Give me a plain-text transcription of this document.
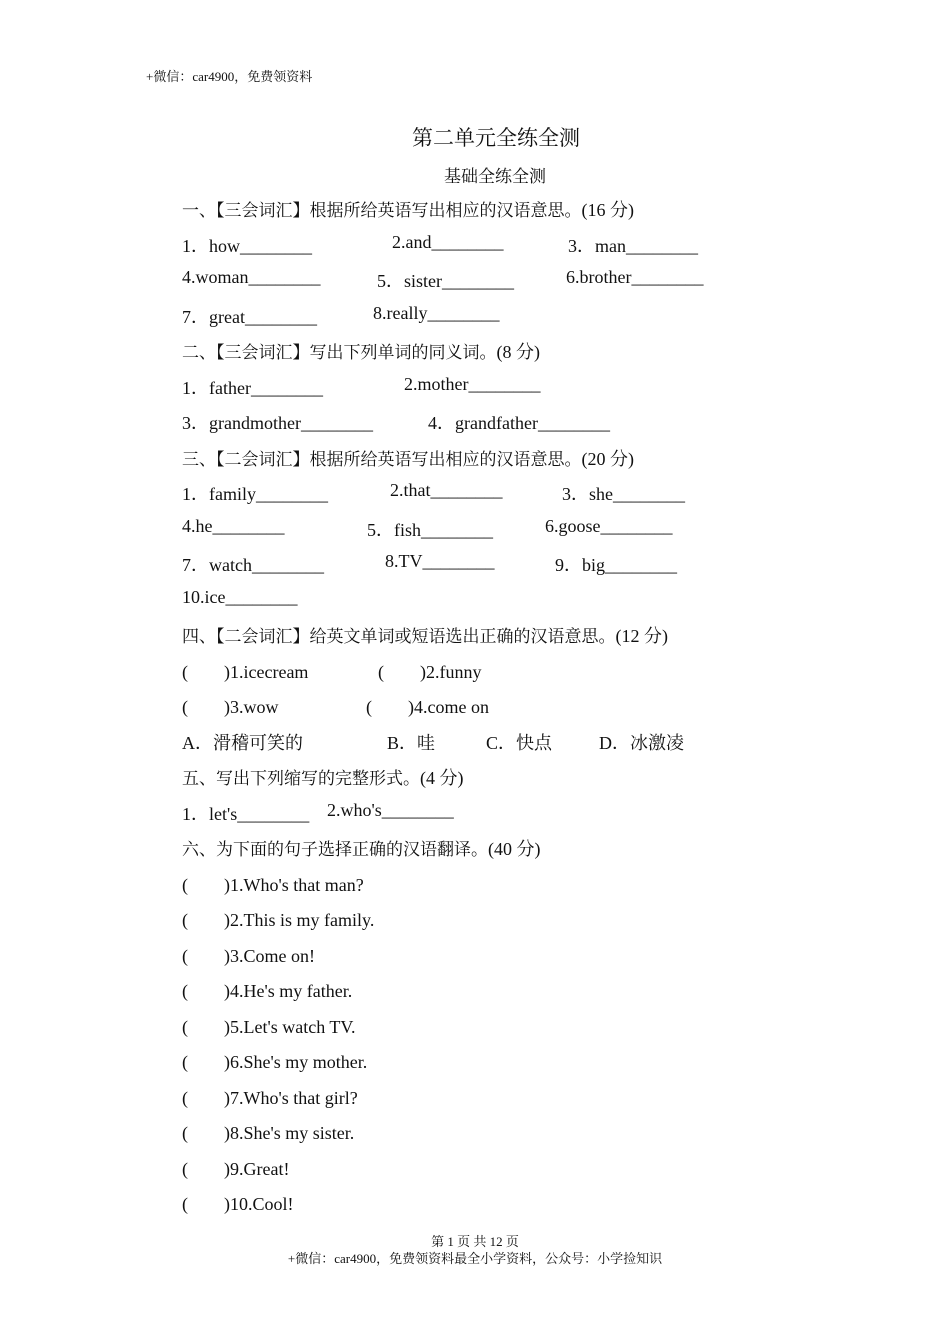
+微信：car4900，免费领资料
第二单元全练全测
基础全练全测
一、【三会词汇】根据所给英语写出相应的汉语意思。(16 分)
1．how________	2.and________	3．man________
4.woman________	5．sister________	6.brother________
7．great________	8.really________
二、【三会词汇】写出下列单词的同义词。(8 分)
1．father________	2.mother________
3．grandmother________	4．grandfather________
三、【二会词汇】根据所给英语写出相应的汉语意思。(20 分)
1．family________	2.that________	3．she________
4.he________	5．fish________	6.goose________
7．watch________	8.TV________	9．big________
10.ice________
四、【二会词汇】给英文单词或短语选出正确的汉语意思。(12 分)
(　　)1.icecream	(　　)2.funny
(　　)3.wow	(　　)4.come on
A．滑稽可笑的	B．哇	C．快点	D．冰激凌
五、写出下列缩写的完整形式。(4 分)
1．let's________ 2.who's________
六、为下面的句子选择正确的汉语翻译。(40 分)
(　　)1.Who's that man?
(　　)2.This is my family.
(　　)3.Come on!
(　　)4.He's my father.
(　　)5.Let's watch TV.
(　　)6.She's my mother.
(　　)7.Who's that girl?
(　　)8.She's my sister.
(　　)9.Great!
(　　)10.Cool!
第 1 页 共 12 页
+微信：car4900，免费领资料最全小学资料，公众号：小学捡知识
